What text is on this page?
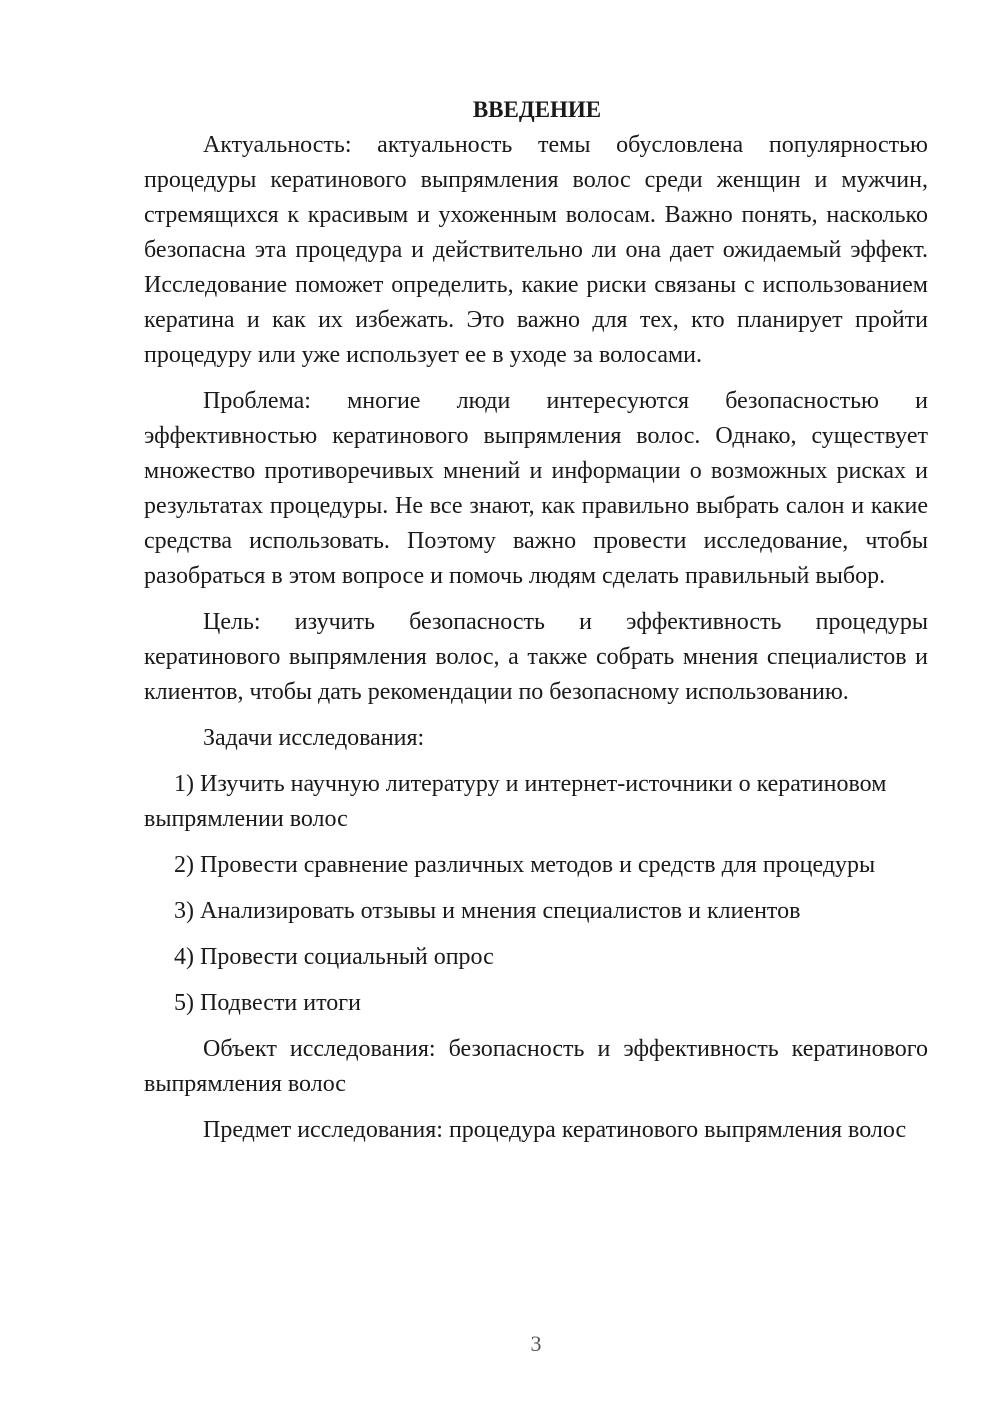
ВВЕДЕНИЕ

Актуальность: актуальность темы обусловлена популярностью процедуры кератинового выпрямления волос среди женщин и мужчин, стремящихся к красивым и ухоженным волосам. Важно понять, насколько безопасна эта процедура и действительно ли она дает ожидаемый эффект. Исследование поможет определить, какие риски связаны с использованием кератина и как их избежать. Это важно для тех, кто планирует пройти процедуру или уже использует ее в уходе за волосами.

Проблема: многие люди интересуются безопасностью и эффективностью кератинового выпрямления волос. Однако, существует множество противоречивых мнений и информации о возможных рисках и результатах процедуры. Не все знают, как правильно выбрать салон и какие средства использовать. Поэтому важно провести исследование, чтобы разобраться в этом вопросе и помочь людям сделать правильный выбор.

Цель: изучить безопасность и эффективность процедуры кератинового выпрямления волос, а также собрать мнения специалистов и клиентов, чтобы дать рекомендации по безопасному использованию.

Задачи исследования:

1) Изучить научную литературу и интернет-источники о кератиновом выпрямлении волос

2) Провести сравнение различных методов и средств для процедуры

3) Анализировать отзывы и мнения специалистов и клиентов

4) Провести социальный опрос

5) Подвести итоги

Объект исследования: безопасность и эффективность кератинового выпрямления волос

Предмет исследования: процедура кератинового выпрямления волос

3
